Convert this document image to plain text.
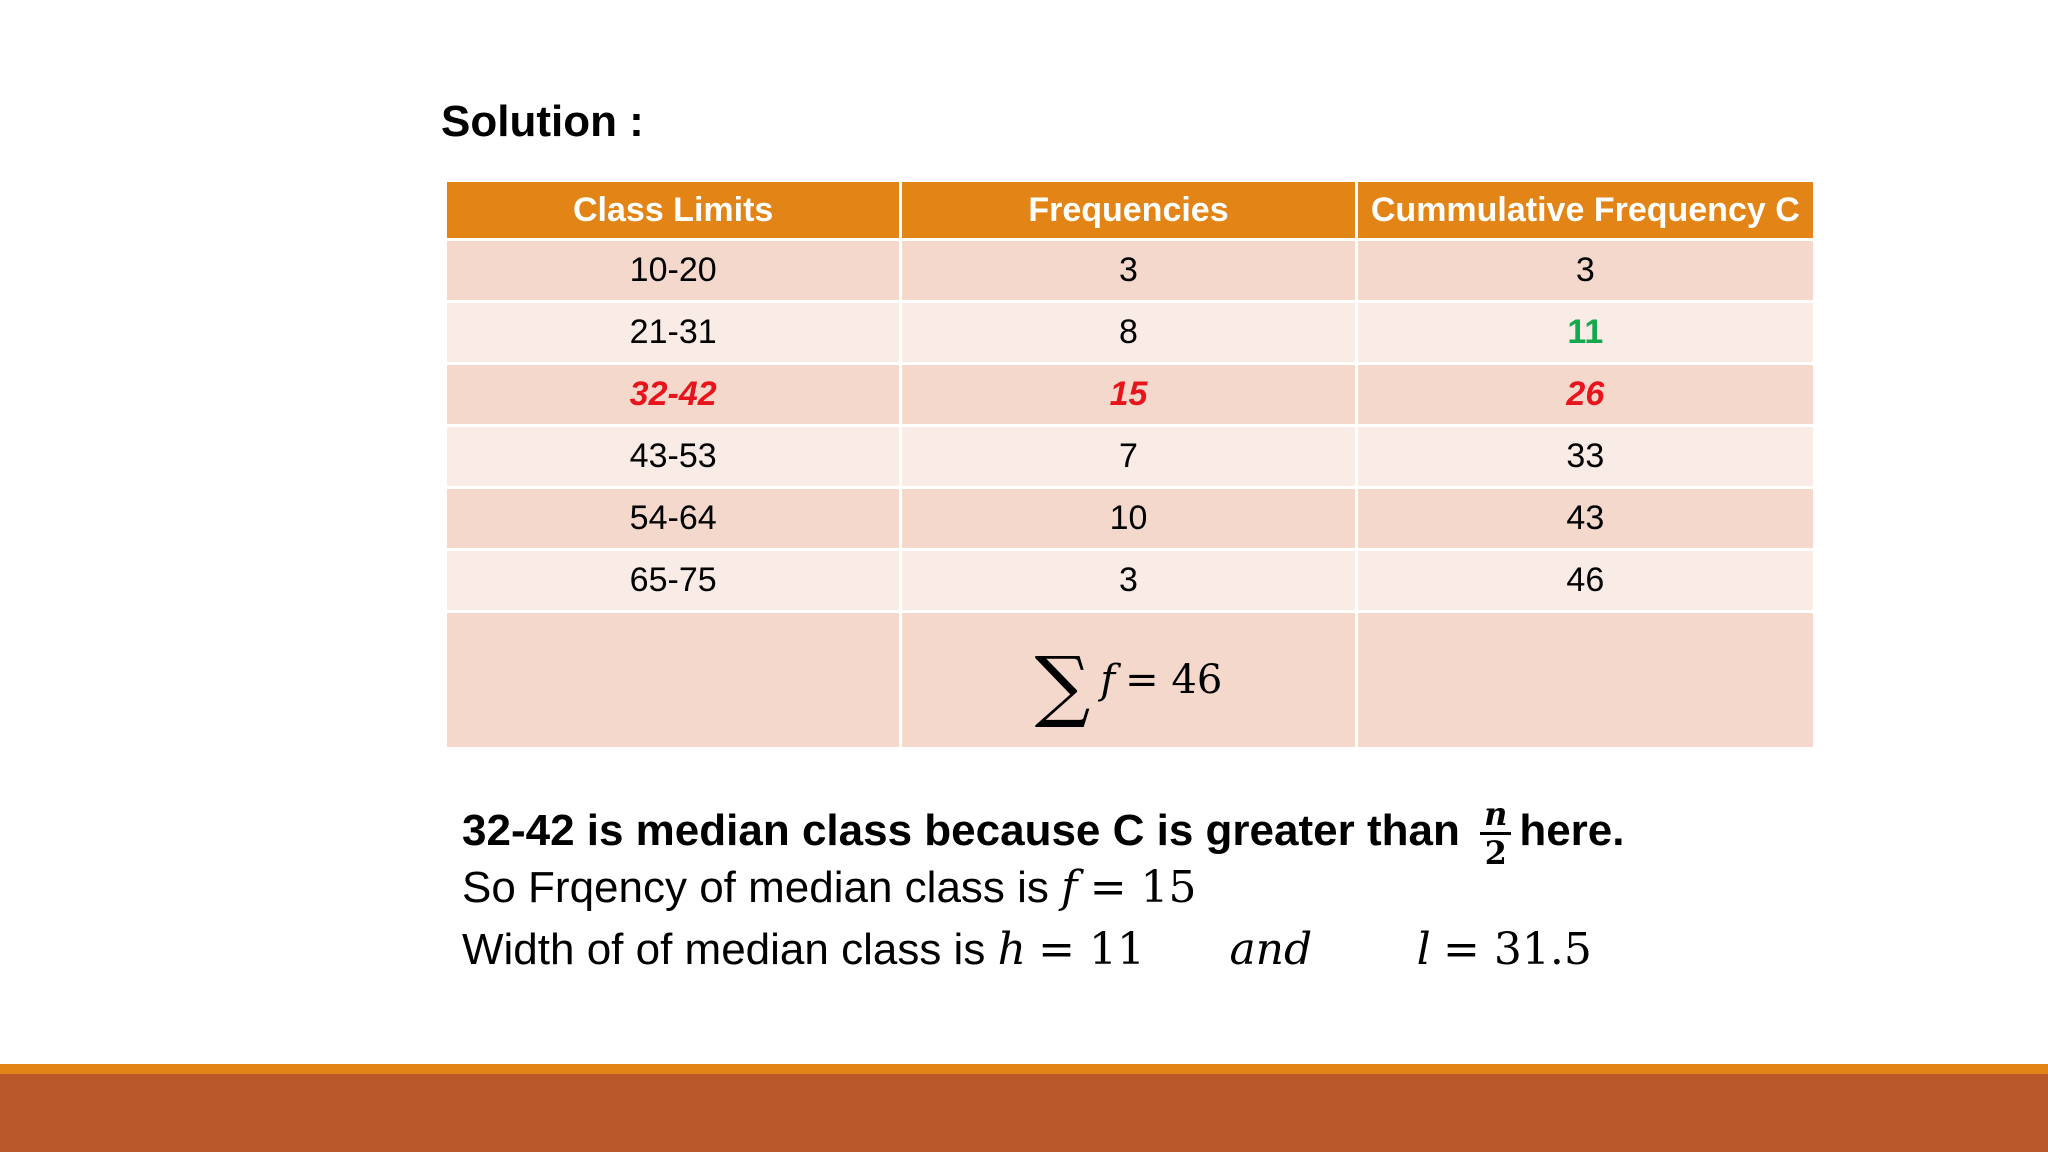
Solution :
Class Limits	Frequencies	Cummulative Frequency C
10-20	3	3
21-31	8	11
32-42	15	26
43-53	7	33
54-64	10	43
65-75	3	46

	∑ f = 46	

32-42 is median class because C is greater than $\frac{n}{2}$ here.
So Frqency of median class is f = 15
Width of of median class is h = 11 and l = 31.5
